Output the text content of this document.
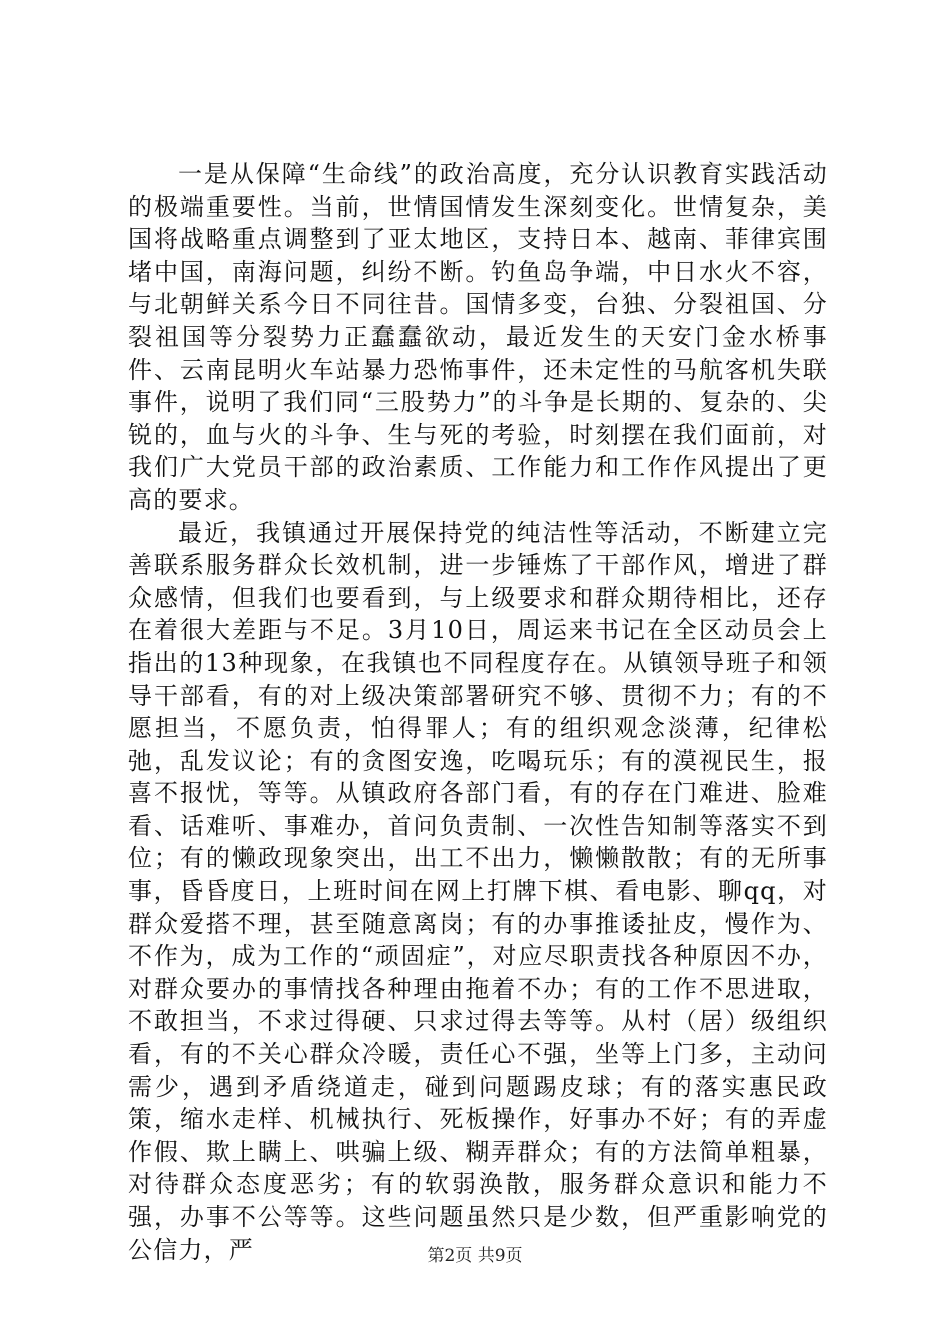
一是从保障“生命线”的政治高度，充分认识教育实践活动的极端重要性。当前，世情国情发生深刻变化。世情复杂，美国将战略重点调整到了亚太地区，支持日本、越南、菲律宾围堵中国，南海问题，纠纷不断。钓鱼岛争端，中日水火不容，与北朝鲜关系今日不同往昔。国情多变，台独、分裂祖国、分裂祖国等分裂势力正蠢蠢欲动，最近发生的天安门金水桥事件、云南昆明火车站暴力恐怖事件，还未定性的马航客机失联事件，说明了我们同“三股势力”的斗争是长期的、复杂的、尖锐的，血与火的斗争、生与死的考验，时刻摆在我们面前，对我们广大党员干部的政治素质、工作能力和工作作风提出了更高的要求。

最近，我镇通过开展保持党的纯洁性等活动，不断建立完善联系服务群众长效机制，进一步锤炼了干部作风，增进了群众感情，但我们也要看到，与上级要求和群众期待相比，还存在着很大差距与不足。3月10日，周运来书记在全区动员会上指出的13种现象，在我镇也不同程度存在。从镇领导班子和领导干部看，有的对上级决策部署研究不够、贯彻不力；有的不愿担当，不愿负责，怕得罪人；有的组织观念淡薄，纪律松弛，乱发议论；有的贪图安逸，吃喝玩乐；有的漠视民生，报喜不报忧，等等。从镇政府各部门看，有的存在门难进、脸难看、话难听、事难办，首问负责制、一次性告知制等落实不到位；有的懒政现象突出，出工不出力，懒懒散散；有的无所事事，昏昏度日，上班时间在网上打牌下棋、看电影、聊qq，对群众爱搭不理，甚至随意离岗；有的办事推诿扯皮，慢作为、不作为，成为工作的“顽固症”，对应尽职责找各种原因不办，对群众要办的事情找各种理由拖着不办；有的工作不思进取，不敢担当，不求过得硬、只求过得去等等。从村（居）级组织看，有的不关心群众冷暖，责任心不强，坐等上门多，主动问需少，遇到矛盾绕道走，碰到问题踢皮球；有的落实惠民政策，缩水走样、机械执行、死板操作，好事办不好；有的弄虚作假、欺上瞒上、哄骗上级、糊弄群众；有的方法简单粗暴，对待群众态度恶劣；有的软弱涣散，服务群众意识和能力不强，办事不公等等。这些问题虽然只是少数，但严重影响党的公信力，严	第2页 共9页
